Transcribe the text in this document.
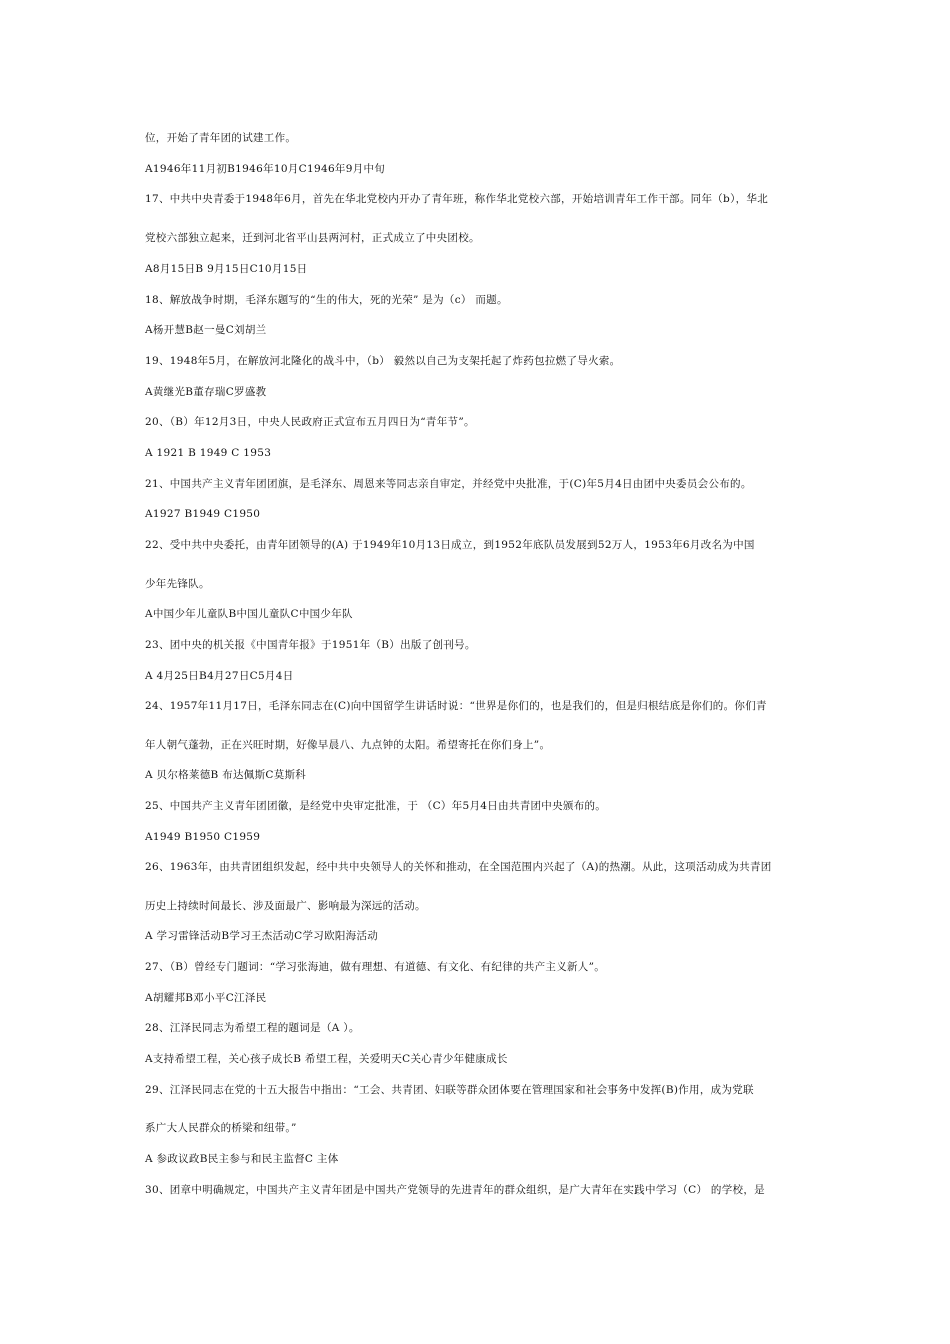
位，开始了青年团的试建工作。
A1946年11月初B1946年10月C1946年9月中旬
17、中共中央青委于1948年6月，首先在华北党校内开办了青年班，称作华北党校六部，开始培训青年工作干部。同年（b），华北
党校六部独立起来，迁到河北省平山县两河村，正式成立了中央团校。
A8月15日B 9月15日C10月15日
18、解放战争时期，毛泽东题写的“生的伟大，死的光荣” 是为（c） 而题。
A杨开慧B赵一曼C刘胡兰
19、1948年5月，在解放河北隆化的战斗中，（b） 毅然以自己为支架托起了炸药包拉燃了导火索。
A黄继光B董存瑞C罗盛教
20、（B）年12月3日，中央人民政府正式宣布五月四日为“青年节”。
A 1921 B 1949 C 1953
21、中国共产主义青年团团旗，是毛泽东、周恩来等同志亲自审定，并经党中央批准，于(C)年5月4日由团中央委员会公布的。
A1927 B1949 C1950
22、受中共中央委托，由青年团领导的(A) 于1949年10月13日成立，到1952年底队员发展到52万人，1953年6月改名为中国
少年先锋队。
A中国少年儿童队B中国儿童队C中国少年队
23、团中央的机关报《中国青年报》于1951年（B）出版了创刊号。
A 4月25日B4月27日C5月4日
24、1957年11月17日，毛泽东同志在(C)向中国留学生讲话时说：“世界是你们的，也是我们的，但是归根结底是你们的。你们青
年人朝气蓬勃，正在兴旺时期，好像早晨八、九点钟的太阳。希望寄托在你们身上”。
A 贝尔格莱德B 布达佩斯C莫斯科
25、中国共产主义青年团团徽，是经党中央审定批准，于 （C）年5月4日由共青团中央颁布的。
A1949 B1950 C1959
26、1963年，由共青团组织发起，经中共中央领导人的关怀和推动，在全国范围内兴起了（A)的热潮。从此，这项活动成为共青团
历史上持续时间最长、涉及面最广、影响最为深远的活动。
A 学习雷锋活动B学习王杰活动C学习欧阳海活动
27、（B）曾经专门题词：“学习张海迪，做有理想、有道德、有文化、有纪律的共产主义新人”。
A胡耀邦B邓小平C江泽民
28、江泽民同志为希望工程的题词是（A ）。
A支持希望工程，关心孩子成长B 希望工程，关爱明天C关心青少年健康成长
29、江泽民同志在党的十五大报告中指出：“工会、共青团、妇联等群众团体要在管理国家和社会事务中发挥(B)作用，成为党联
系广大人民群众的桥梁和纽带。”
A 参政议政B民主参与和民主监督C 主体
30、团章中明确规定，中国共产主义青年团是中国共产党领导的先进青年的群众组织，是广大青年在实践中学习（C） 的学校，是
